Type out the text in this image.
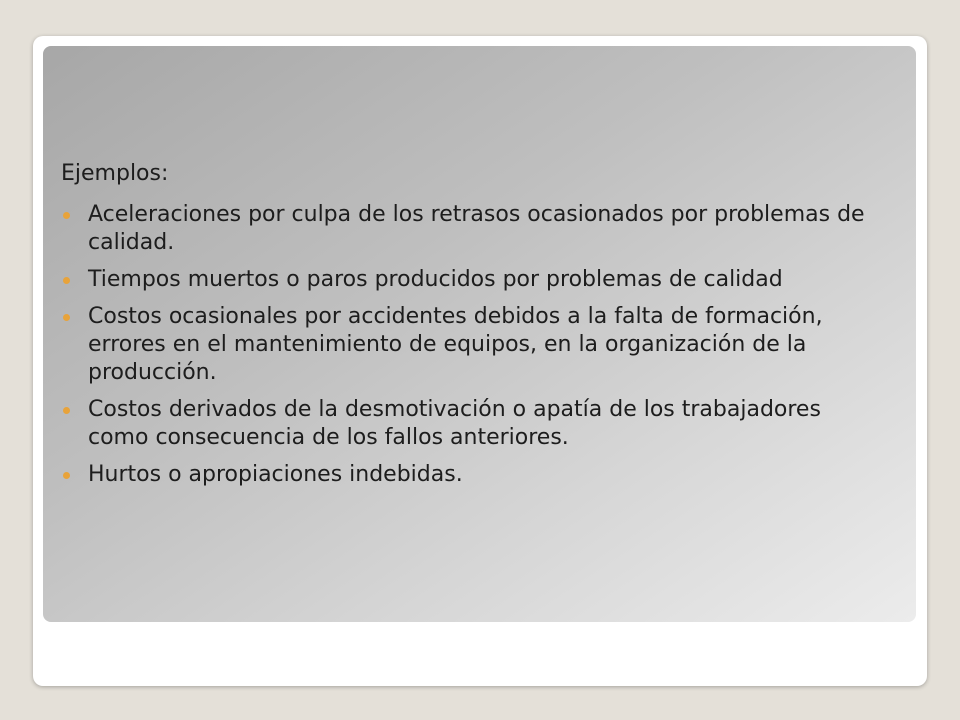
Ejemplos:

Aceleraciones por culpa de los retrasos ocasionados por problemas de calidad.
Tiempos muertos o paros producidos por problemas de calidad
Costos ocasionales por accidentes debidos a la falta de formación, errores en el mantenimiento de equipos, en la organización de la producción.
Costos derivados de la desmotivación o apatía de los trabajadores como consecuencia de los fallos anteriores.
Hurtos o apropiaciones indebidas.
